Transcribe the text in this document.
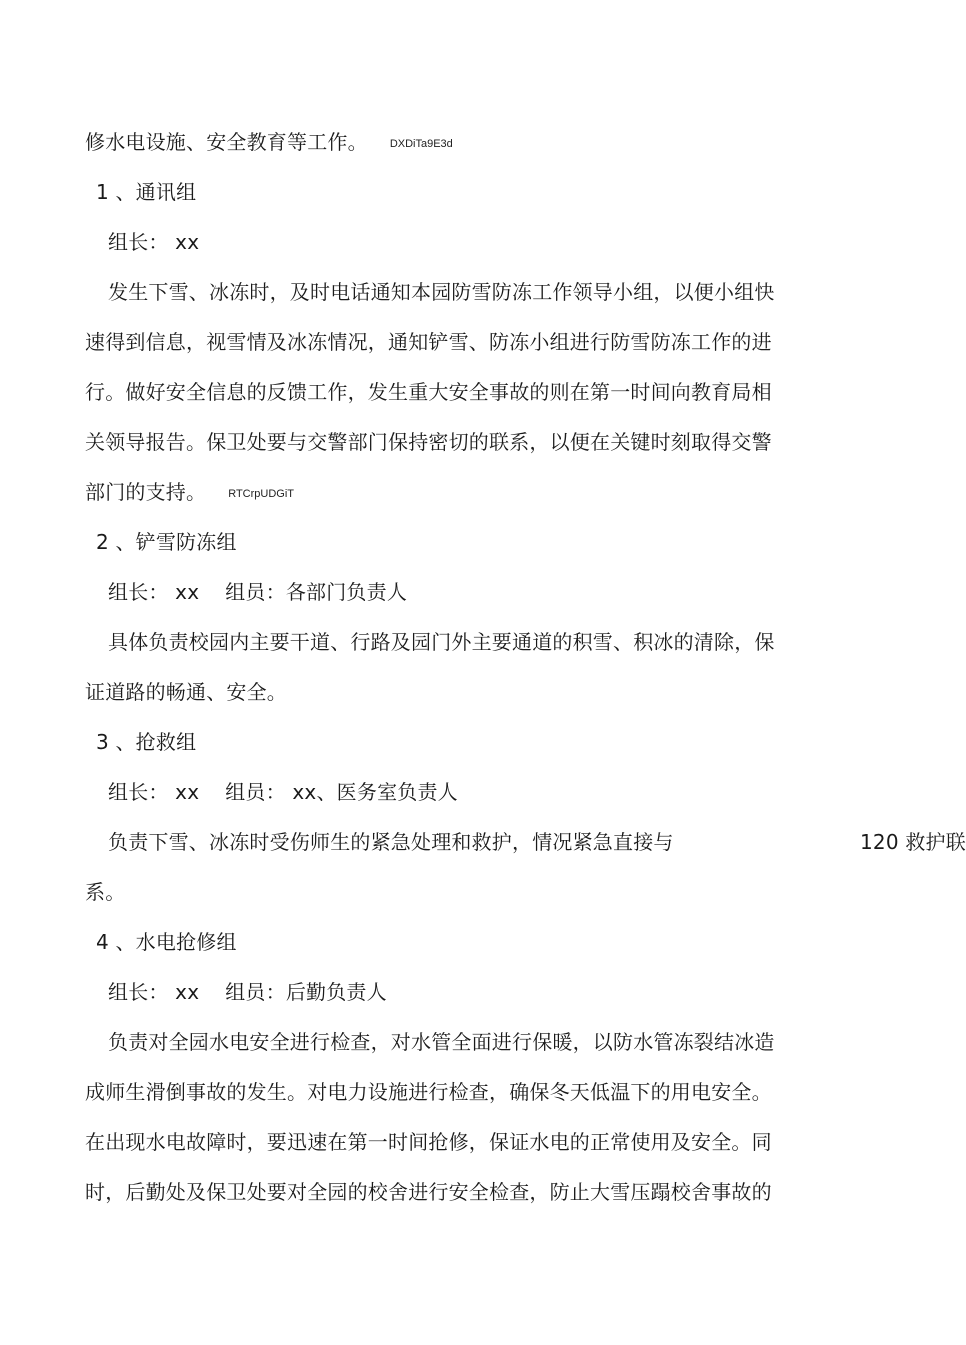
修水电设施、安全教育等工作。 DXDiTa9E3d
1 、通讯组
组长： xx
发生下雪、冰冻时，及时电话通知本园防雪防冻工作领导小组，以便小组快
速得到信息，视雪情及冰冻情况，通知铲雪、防冻小组进行防雪防冻工作的进
行。做好安全信息的反馈工作，发生重大安全事故的则在第一时间向教育局相
关领导报告。保卫处要与交警部门保持密切的联系，以便在关键时刻取得交警
部门的支持。 RTCrpUDGiT
2 、铲雪防冻组
组长： xx 组员：各部门负责人
具体负责校园内主要干道、行路及园门外主要通道的积雪、积冰的清除，保
证道路的畅通、安全。
3 、抢救组
组长： xx 组员： xx、医务室负责人
负责下雪、冰冻时受伤师生的紧急处理和救护，情况紧急直接与	120 救护联
系。
4 、水电抢修组
组长： xx 组员：后勤负责人
负责对全园水电安全进行检查，对水管全面进行保暖，以防水管冻裂结冰造
成师生滑倒事故的发生。对电力设施进行检查，确保冬天低温下的用电安全。
在出现水电故障时，要迅速在第一时间抢修，保证水电的正常使用及安全。同
时，后勤处及保卫处要对全园的校舍进行安全检查，防止大雪压蹋校舍事故的
